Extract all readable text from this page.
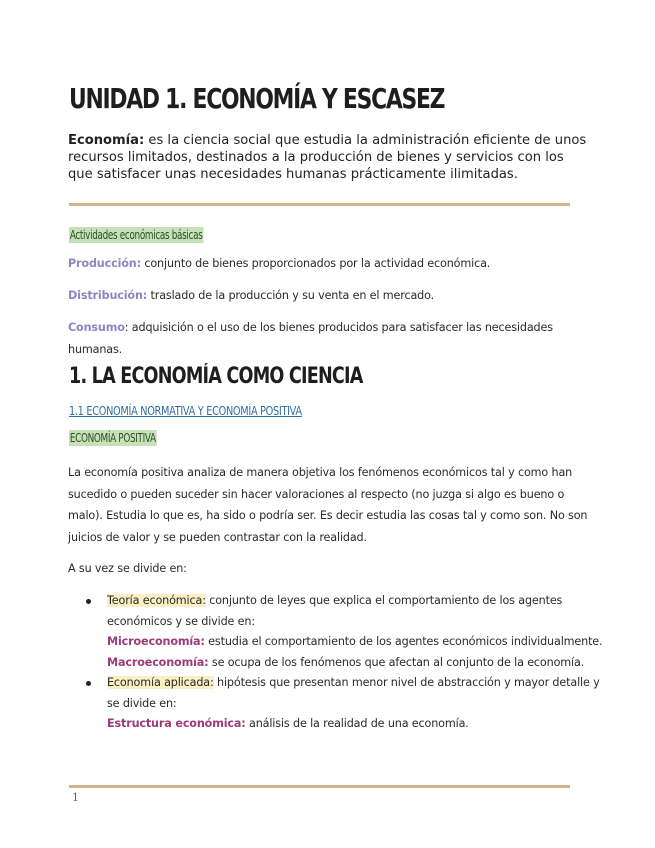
UNIDAD 1. ECONOMÍA Y ESCASEZ

Economía: es la ciencia social que estudia la administración eficiente de unos recursos limitados, destinados a la producción de bienes y servicios con los que satisfacer unas necesidades humanas prácticamente ilimitadas.

Actividades económicas básicas

Producción: conjunto de bienes proporcionados por la actividad económica.

Distribución: traslado de la producción y su venta en el mercado.

Consumo: adquisición o el uso de los bienes producidos para satisfacer las necesidades humanas.

1. LA ECONOMÍA COMO CIENCIA
1.1 ECONOMÍA NORMATIVA Y ECONOMÍA POSITIVA
ECONOMÍA POSITIVA

La economía positiva analiza de manera objetiva los fenómenos económicos tal y como han sucedido o pueden suceder sin hacer valoraciones al respecto (no juzga si algo es bueno o malo). Estudia lo que es, ha sido o podría ser. Es decir estudia las cosas tal y como son. No son juicios de valor y se pueden contrastar con la realidad.

A su vez se divide en:

Teoría económica: conjunto de leyes que explica el comportamiento de los agentes económicos y se divide en:
Microeconomía: estudia el comportamiento de los agentes económicos individualmente.
Macroeconomía: se ocupa de los fenómenos que afectan al conjunto de la economía.
Economía aplicada: hipótesis que presentan menor nivel de abstracción y mayor detalle y se divide en:
Estructura económica: análisis de la realidad de una economía.
1
